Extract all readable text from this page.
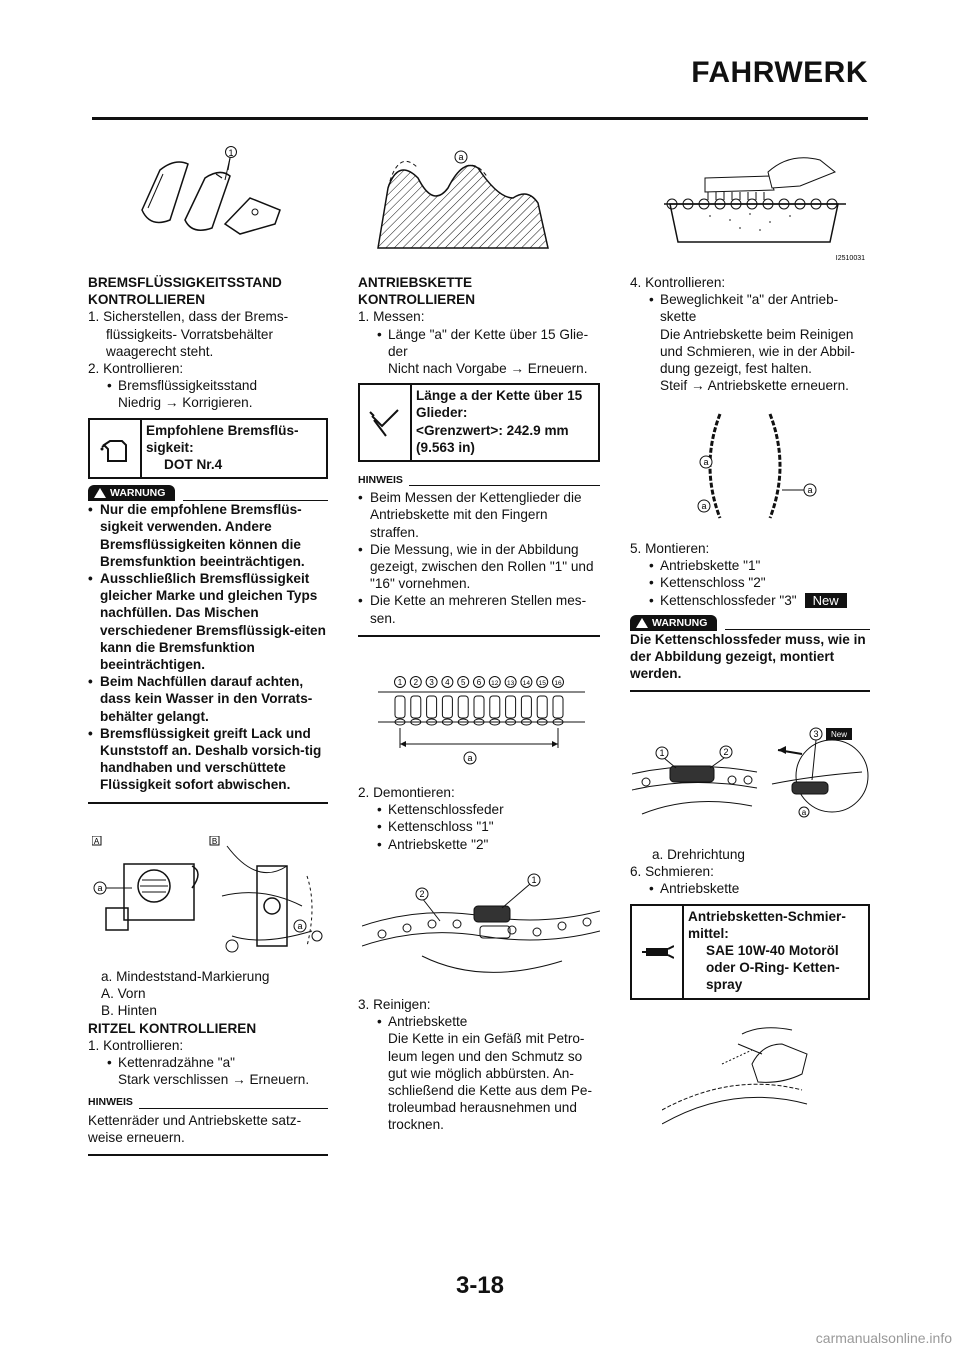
FAHRWERK
1
BREMSFLÜSSIGKEITSSTAND
KONTROLLIEREN

1. Sicherstellen, dass der Brems-flüssigkeits- Vorratsbehälter waagerecht steht.

2. Kontrollieren:

• Bremsflüssigkeitsstand

Niedrig → Korrigieren.

Empfohlene Bremsflüs-sigkeit:
DOT Nr.4
WARNUNG
• Nur die empfohlene Bremsflüs-sigkeit verwenden. Andere Bremsflüssigkeiten können die Bremsfunktion beeinträchtigen.
• Ausschließlich Bremsflüssigkeit gleicher Marke und gleichen Typs nachfüllen. Das Mischen verschiedener Bremsflüssigk-eiten kann die Bremsfunktion beeinträchtigen.
• Beim Nachfüllen darauf achten, dass kein Wasser in den Vorrats-behälter gelangt.
• Bremsflüssigkeit greift Lack und Kunststoff an. Deshalb vorsich-tig handhaben und verschüttete Flüssigkeit sofort abwischen.
A	B
a
a

a. Mindeststand-Markierung

A. Vorn

B. Hinten

RITZEL KONTROLLIEREN

1. Kontrollieren:

• Kettenradzähne "a"

Stark verschlissen → Erneuern.

HINWEIS

Kettenräder und Antriebskette satz-weise erneuern.

a
ANTRIEBSKETTE
KONTROLLIEREN

1. Messen:

• Länge "a" der Kette über 15 Glie-der

Nicht nach Vorgabe → Erneuern.

Länge a der Kette über 15 Glieder:
<Grenzwert>: 242.9 mm (9.563 in)
HINWEIS

• Beim Messen der Kettenglieder die Antriebskette mit den Fingern straffen.

• Die Messung, wie in der Abbildung gezeigt, zwischen den Rollen "1" und "16" vornehmen.

• Die Kette an mehreren Stellen mes-sen.

1 2 3 4 5 6 12 13 14 15 16
a

2. Demontieren:

• Kettenschlossfeder

• Kettenschloss "1"

• Antriebskette "2"

2
1

3. Reinigen:

• Antriebskette

Die Kette in ein Gefäß mit Petro-leum legen und den Schmutz so gut wie möglich abbürsten. An-schließend die Kette aus dem Pe-troleumbad herausnehmen und trocknen.

I2510031

4. Kontrollieren:

• Beweglichkeit "a" der Antrieb-skette

Die Antriebskette beim Reinigen und Schmieren, wie in der Abbil-dung gezeigt, fest halten.

Steif → Antriebskette erneuern.

a
a
a

5. Montieren:

• Antriebskette "1"

• Kettenschloss "2"

• Kettenschlossfeder "3" New

WARNUNG
Die Kettenschlossfeder muss, wie in der Abbildung gezeigt, montiert werden.
1	2
3 New
a

a. Drehrichtung

6. Schmieren:

• Antriebskette

Antriebsketten-Schmier-mittel:
SAE 10W-40 Motoröl oder O-Ring- Ketten-spray
3-18
carmanualsonline.info
